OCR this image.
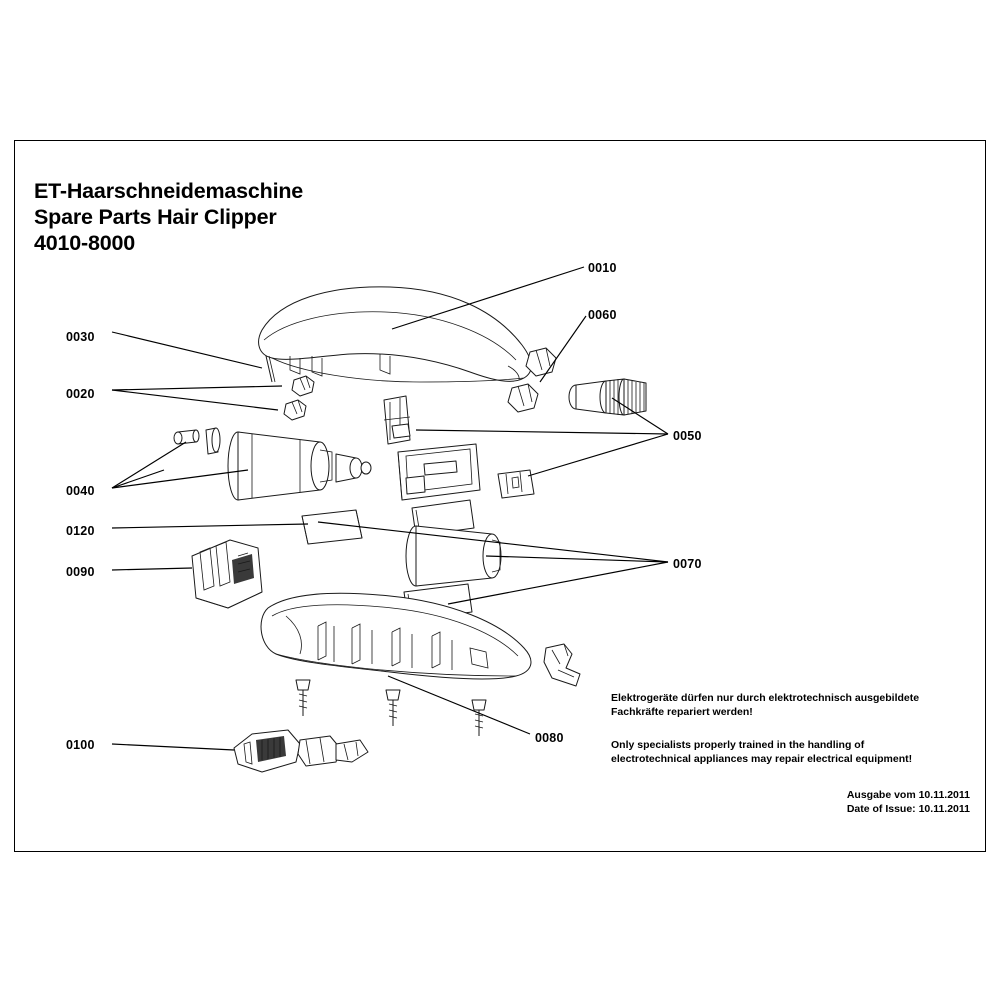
ET-Haarschneidemaschine
Spare Parts Hair Clipper
4010-8000
0010
0060
0030
0020
0050
0040
0120
0090
0070
0080
0100
Elektrogeräte dürfen nur durch elektrotechnisch ausgebildete
Fachkräfte repariert werden!
Only specialists properly trained in the handling of
electrotechnical appliances may repair electrical equipment!
Ausgabe vom 10.11.2011
Date of Issue: 10.11.2011
